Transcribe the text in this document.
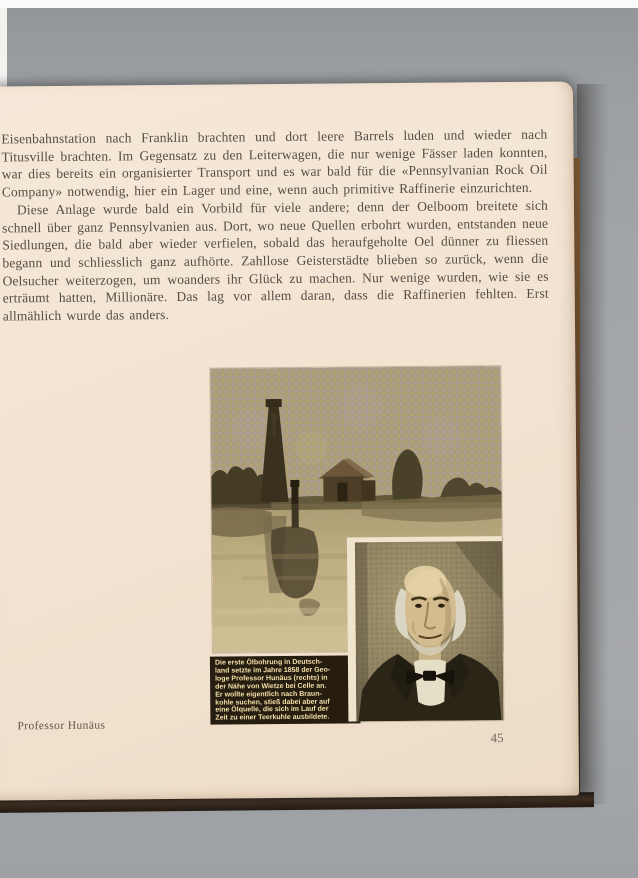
Eisenbahnstation nach Franklin brachten und dort leere Barrels luden und wieder nach Titusville brachten. Im Gegensatz zu den Leiterwagen, die nur wenige Fässer laden konnten, war dies bereits ein organisierter Transport und es war bald für die «Pennsylvanian Rock Oil Company» notwendig, hier ein Lager und eine, wenn auch primitive Raffinerie einzurichten.

Diese Anlage wurde bald ein Vorbild für viele andere; denn der Oelboom breitete sich schnell über ganz Pennsylvanien aus. Dort, wo neue Quellen erbohrt wurden, entstanden neue Siedlungen, die bald aber wieder verfielen, sobald das heraufgeholte Oel dünner zu fliessen begann und schliesslich ganz aufhörte. Zahllose Geisterstädte blieben so zurück, wenn die Oelsucher weiterzogen, um woanders ihr Glück zu machen. Nur wenige wurden, wie sie es erträumt hatten, Millionäre. Das lag vor allem daran, dass die Raffinerien fehlten. Erst allmählich wurde das anders.

Die erste Ölbohrung in Deutsch-
land setzte im Jahre 1858 der Geo-
loge Professor Hunäus (rechts) in
der Nähe von Wietze bei Celle an.
Er wollte eigentlich nach Braun-
kohle suchen, stieß dabei aber auf
eine Ölquelle, die sich im Lauf der
Zeit zu einer Teerkuhle ausbildete.
Professor Hunäus
45
